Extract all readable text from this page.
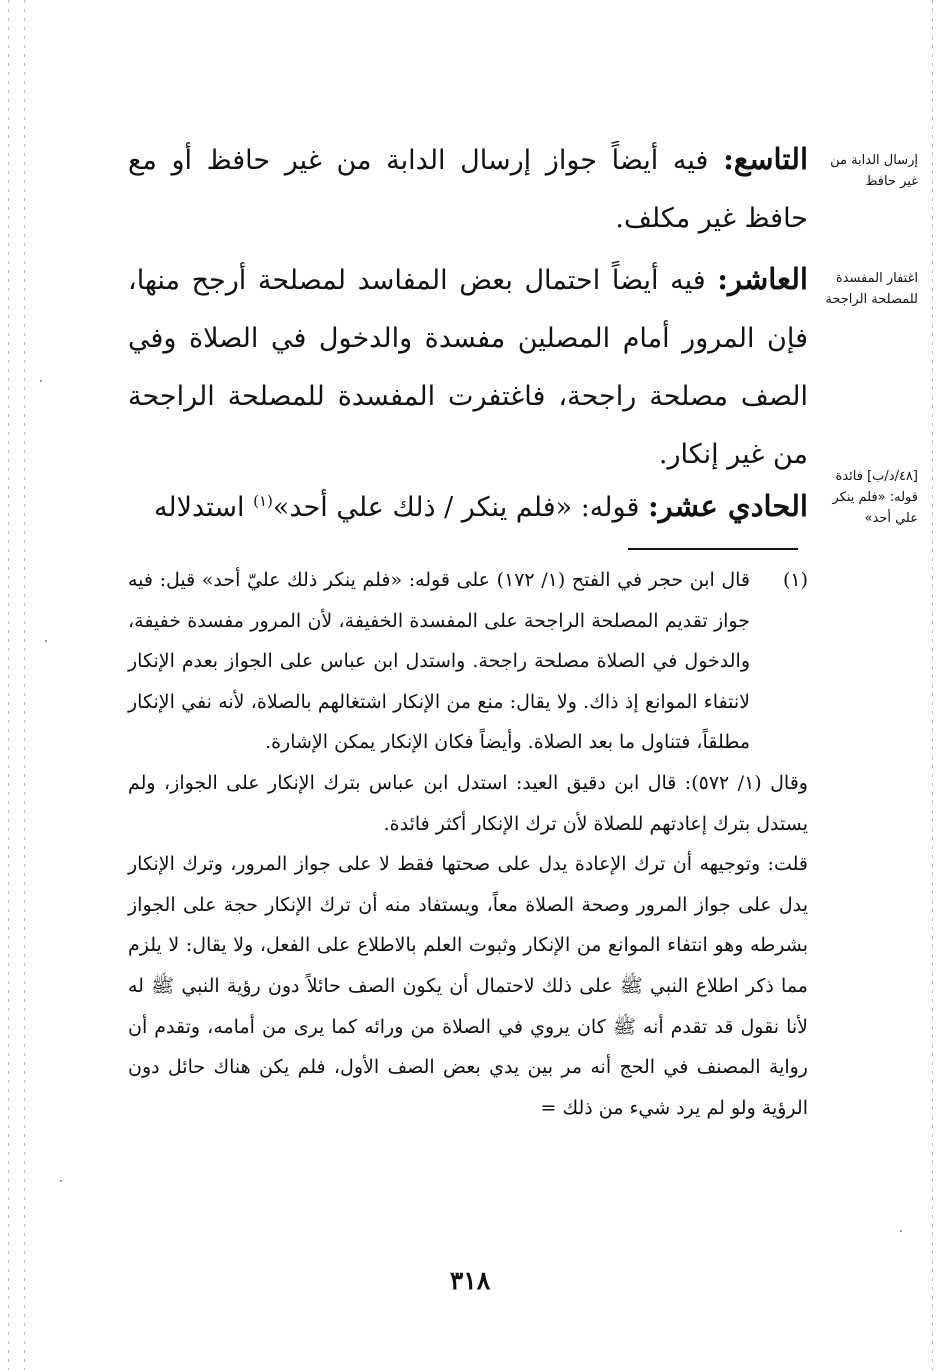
التاسع: فيه أيضاً جواز إرسال الدابة من غير حافظ أو مع حافظ غير مكلف.
العاشر: فيه أيضاً احتمال بعض المفاسد لمصلحة أرجح منها، فإن المرور أمام المصلين مفسدة والدخول في الصلاة وفي الصف مصلحة راجحة، فاغتفرت المفسدة للمصلحة الراجحة من غير إنكار.
الحادي عشر: قوله: «فلم ينكر / ذلك علي أحد»$^{(١)}$ استدلاله
إرسال الدابة من غير حافظ
اغتفار المفسدة للمصلحة الراجحة
[٤٨/د/ب] فائدة قوله: «فلم ينكر علي أحد»

(١)
قال ابن حجر في الفتح (١/ ١٧٢) على قوله: «فلم ينكر ذلك عليّ أحد» قيل: فيه جواز تقديم المصلحة الراجحة على المفسدة الخفيفة، لأن المرور مفسدة خفيفة، والدخول في الصلاة مصلحة راجحة. واستدل ابن عباس على الجواز بعدم الإنكار لانتفاء الموانع إذ ذاك. ولا يقال: منع من الإنكار اشتغالهم بالصلاة، لأنه نفي الإنكار مطلقاً، فتناول ما بعد الصلاة. وأيضاً فكان الإنكار يمكن الإشارة.

وقال (١/ ٥٧٢): قال ابن دقيق العيد: استدل ابن عباس بترك الإنكار على الجواز، ولم يستدل بترك إعادتهم للصلاة لأن ترك الإنكار أكثر فائدة.

قلت: وتوجيهه أن ترك الإعادة يدل على صحتها فقط لا على جواز المرور، وترك الإنكار يدل على جواز المرور وصحة الصلاة معاً، ويستفاد منه أن ترك الإنكار حجة على الجواز بشرطه وهو انتفاء الموانع من الإنكار وثبوت العلم بالاطلاع على الفعل، ولا يقال: لا يلزم مما ذكر اطلاع النبي ﷺ على ذلك لاحتمال أن يكون الصف حائلاً دون رؤية النبي ﷺ له لأنا نقول قد تقدم أنه ﷺ كان يروي في الصلاة من ورائه كما يرى من أمامه، وتقدم أن رواية المصنف في الحج أنه مر بين يدي بعض الصف الأول، فلم يكن هناك حائل دون الرؤية ولو لم يرد شيء من ذلك =

٣١٨
